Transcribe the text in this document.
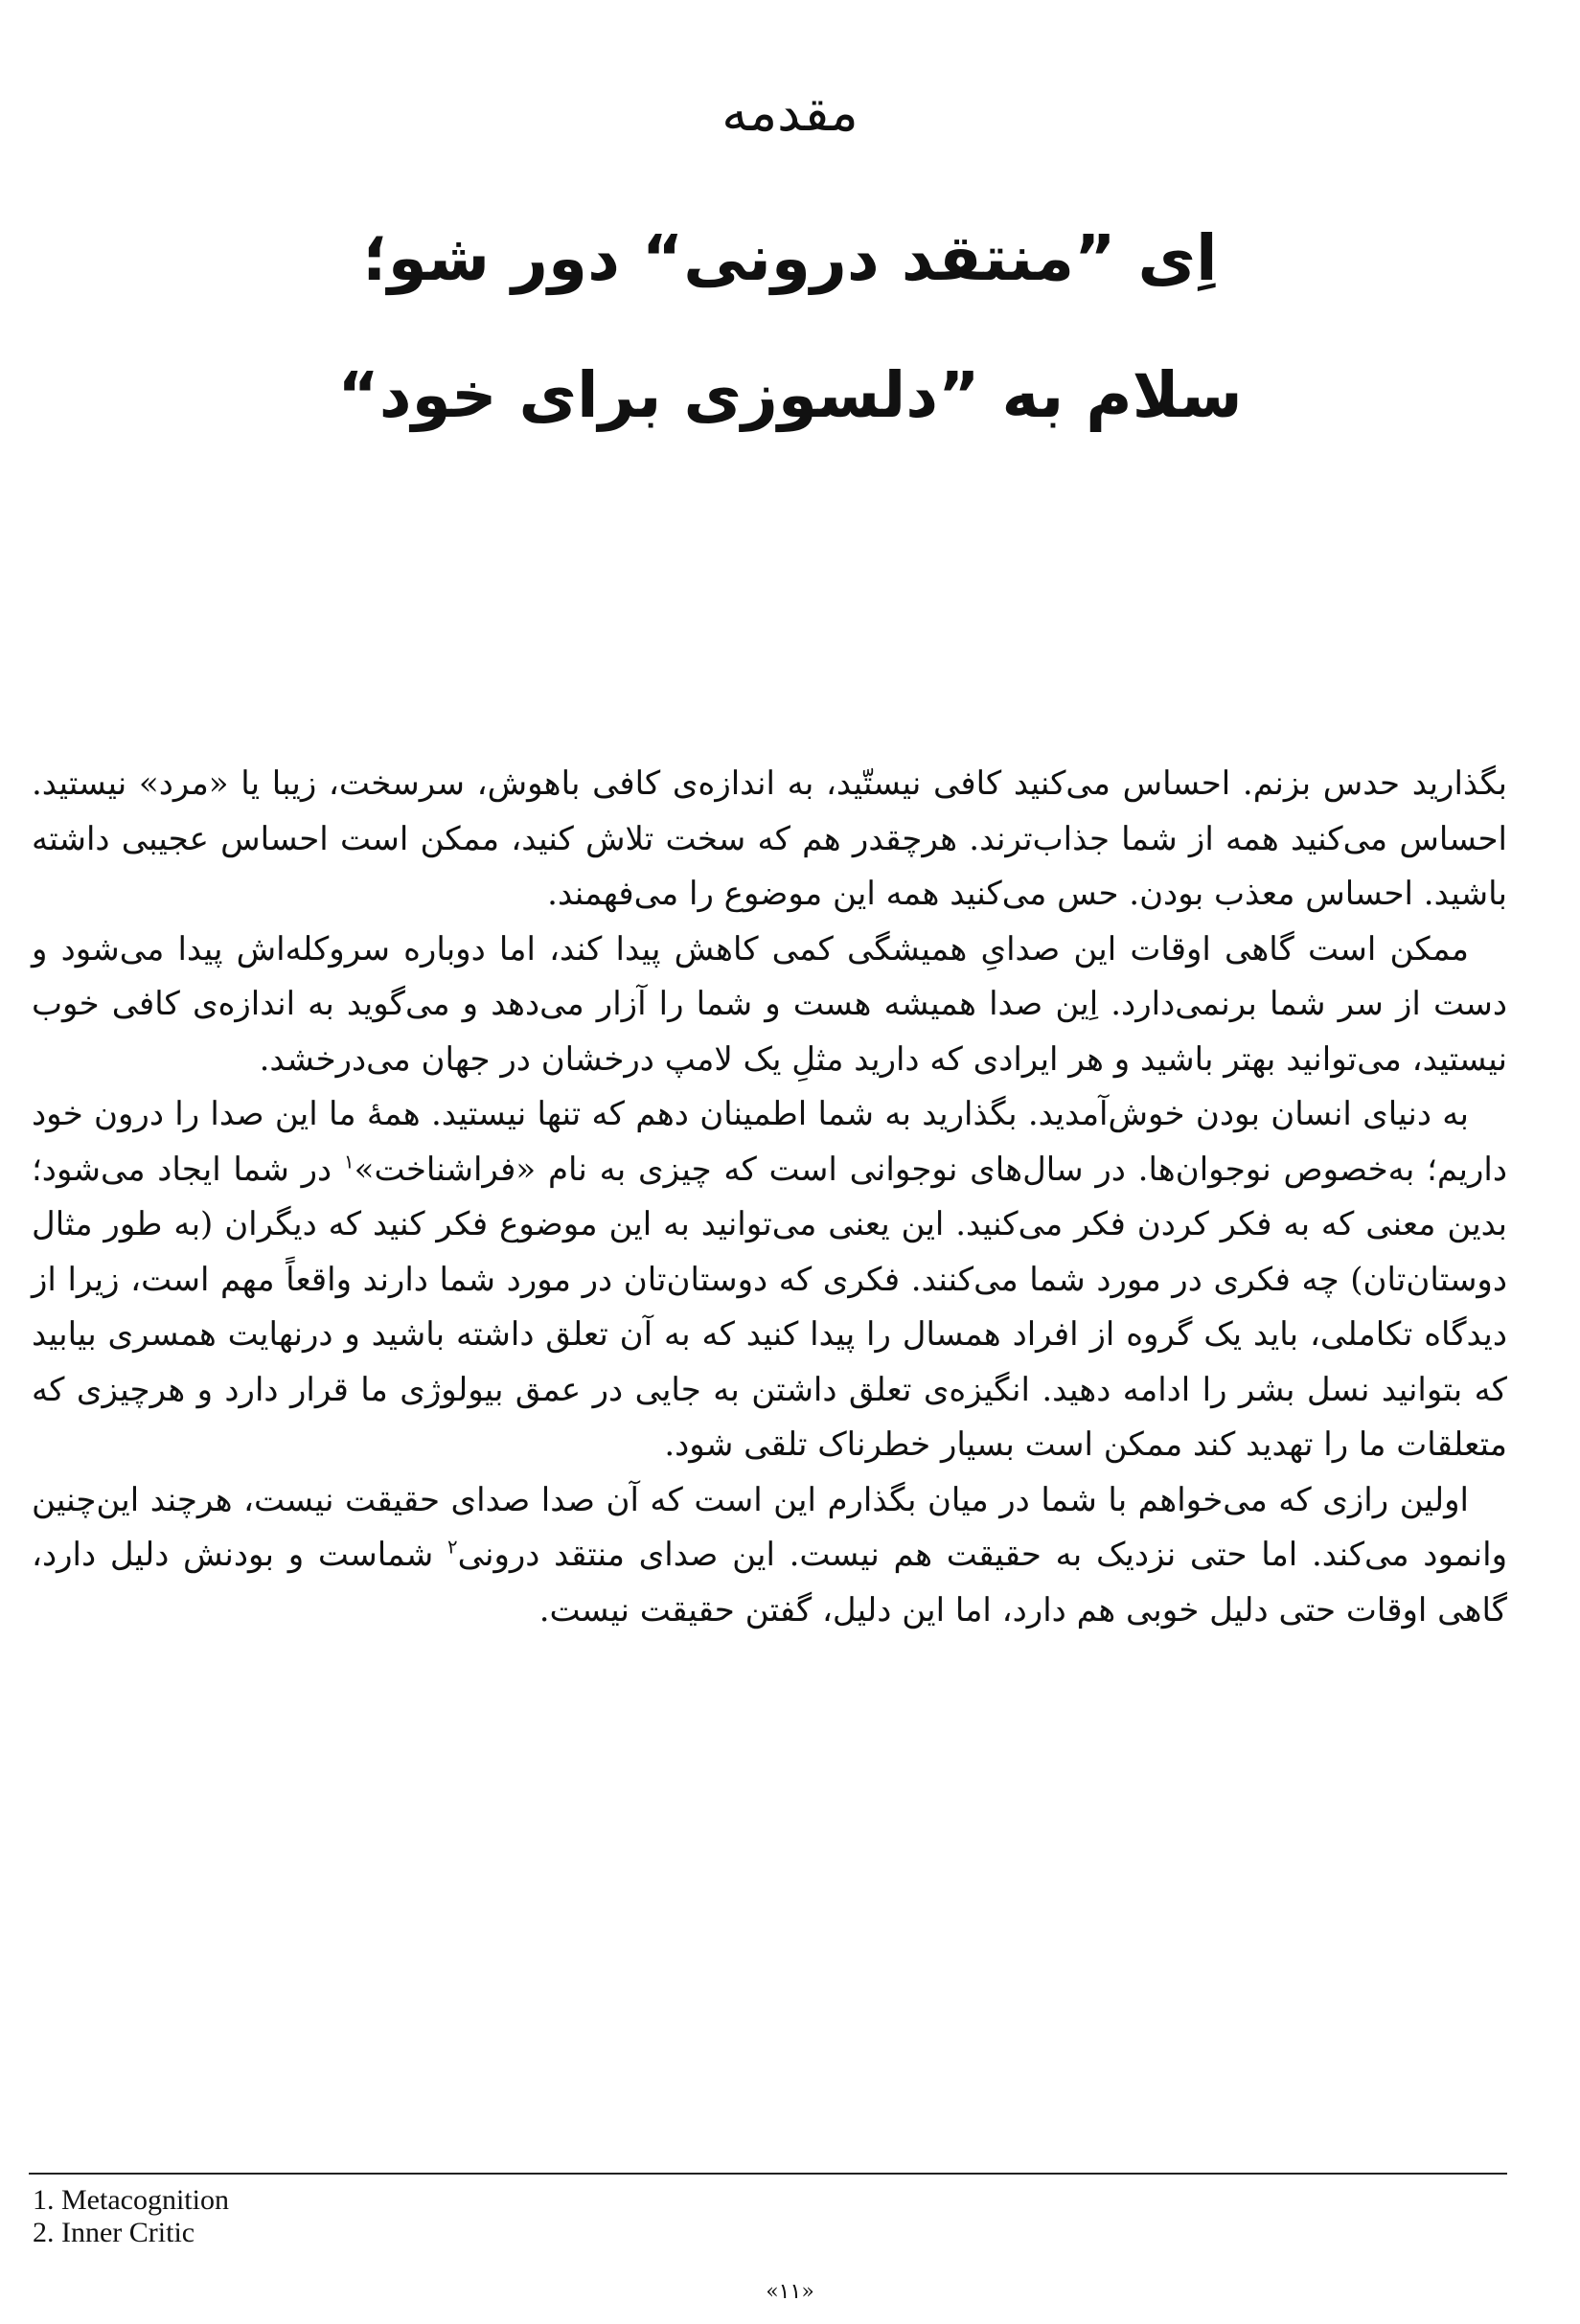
مقدمه
اِی ”منتقد درونی“ دور شو؛
سلام به ”دلسوزی برای خود“

بگذارید حدس بزنم. احساس می‌کنید کافی نیستّید، به اندازه‌ی کافی باهوش، سرسخت، زیبا یا «مرد» نیستید. احساس می‌کنید همه از شما جذاب‌ترند. هرچقدر هم که سخت تلاش کنید، ممکن است احساس عجیبی داشته باشید. احساس معذب بودن. حس می‌کنید همه این موضوع را می‌فهمند.

ممکن است گاهی اوقات این صدایِ همیشگی کمی کاهش پیدا کند، اما دوباره سروکله‌اش پیدا می‌شود و دست از سر شما برنمی‌دارد. اِین صدا همیشه هست و شما را آزار می‌دهد و می‌گوید به اندازه‌ی کافی خوب نیستید، می‌توانید بهتر باشید و هر ایرادی که دارید مثلِ یک لامپ درخشان در جهان می‌درخشد.

به دنیای انسان بودن خوش‌آمدید. بگذارید به شما اطمینان دهم که تنها نیستید. همهٔ ما این صدا را درون خود داریم؛ به‌خصوص نوجوان‌ها. در سال‌های نوجوانی است که چیزی به نام «فراشناخت»$^۱$ در شما ایجاد می‌شود؛ بدین معنی که به فکر کردن فکر می‌کنید. این یعنی می‌توانید به این موضوع فکر کنید که دیگران (به طور مثال دوستان‌تان) چه فکری در مورد شما می‌کنند. فکری که دوستان‌تان در مورد شما دارند واقعاً مهم است، زیرا از دیدگاه تکاملی، باید یک گروه از افراد همسال را پیدا کنید که به آن تعلق داشته باشید و درنهایت همسری بیابید که بتوانید نسل بشر را ادامه دهید. انگیزه‌ی تعلق داشتن به جایی در عمق بیولوژی ما قرار دارد و هرچیزی که متعلقات ما را تهدید کند ممکن است بسیار خطرناک تلقی شود.

اولین رازی که می‌خواهم با شما در میان بگذارم این است که آن صدا صدای حقیقت نیست، هرچند این‌چنین وانمود می‌کند. اما حتی نزدیک به حقیقت هم نیست. این صدای منتقد درونی$^۲$ شماست و بودنش دلیل دارد، گاهی اوقات حتی دلیل خوبی هم دارد، اما این دلیل، گفتن حقیقت نیست.

1. Metacognition
2. Inner Critic
«۱۱»
